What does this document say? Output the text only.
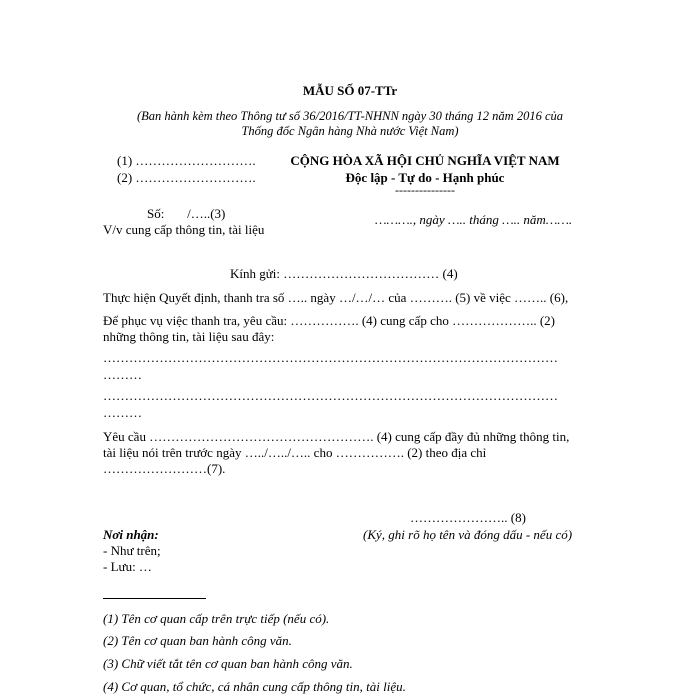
MẪU SỐ 07-TTr
(Ban hành kèm theo Thông tư số 36/2016/TT-NHNN ngày 30 tháng 12 năm 2016 của
Thống đốc Ngân hàng Nhà nước Việt Nam)
(1) ……………………….
(2) ……………………….
CỘNG HÒA XÃ HỘI CHỦ NGHĨA VIỆT NAM
Độc lập - Tự do - Hạnh phúc
---------------
Số:       /…..(3)
V/v cung cấp thông tin, tài liệu
………., ngày ….. tháng ….. năm…….
Kính gửi: ……………………………… (4)
Thực hiện Quyết định, thanh tra số ….. ngày …/…/… của ………. (5) về việc …….. (6),
Để phục vụ việc thanh tra, yêu cầu: ……………. (4) cung cấp cho ……………….. (2)
những thông tin, tài liệu sau đây:
……………………………………………………………………………………………
………
……………………………………………………………………………………………
………
Yêu cầu ……………………………………………. (4) cung cấp đầy đủ những thông tin,
tài liệu nói trên trước ngày …../…../….. cho ……………. (2) theo địa chỉ
……………………(7).
………………….. (8)
(Ký, ghi rõ họ tên và đóng dấu - nếu có)
Nơi nhận:
- Như trên;
- Lưu: …
(1) Tên cơ quan cấp trên trực tiếp (nếu có).
(2) Tên cơ quan ban hành công văn.
(3) Chữ viết tắt tên cơ quan ban hành công văn.
(4) Cơ quan, tổ chức, cá nhân cung cấp thông tin, tài liệu.
